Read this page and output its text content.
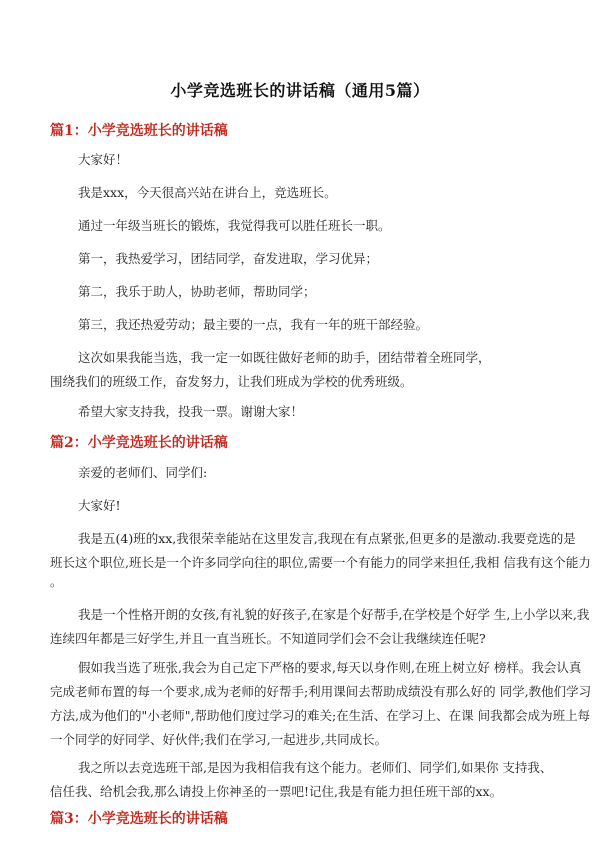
小学竞选班长的讲话稿（通用5篇）
篇1：小学竞选班长的讲话稿
大家好！
我是xxx，今天很高兴站在讲台上，竞选班长。
通过一年级当班长的锻炼，我觉得我可以胜任班长一职。
第一，我热爱学习，团结同学，奋发进取，学习优异；
第二，我乐于助人，协助老师，帮助同学；
第三，我还热爱劳动；最主要的一点，我有一年的班干部经验。
这次如果我能当选，我一定一如既往做好老师的助手，团结带着全班同学，
围绕我们的班级工作，奋发努力，让我们班成为学校的优秀班级。
希望大家支持我，投我一票。谢谢大家！
篇2：小学竞选班长的讲话稿
亲爱的老师们、同学们:
大家好!
我是五(4)班的xx,我很荣幸能站在这里发言,我现在有点紧张,但更多的是激动.我要竞选的是
班长这个职位,班长是一个许多同学向往的职位,需要一个有能力的同学来担任,我相 信我有这个能力
。
我是一个性格开朗的女孩,有礼貌的好孩子,在家是个好帮手,在学校是个好学 生,上小学以来,我
连续四年都是三好学生,并且一直当班长。不知道同学们会不会让我继续连任呢?
假如我当选了班张,我会为自己定下严格的要求,每天以身作则,在班上树立好 榜样。我会认真
完成老师布置的每一个要求,成为老师的好帮手;利用课间去帮助成绩没有那么好的 同学,教他们学习
方法,成为他们的"小老师",帮助他们度过学习的难关;在生活、在学习上、在课 间我都会成为班上每
一个同学的好同学、好伙伴;我们在学习,一起进步,共同成长。
我之所以去竞选班干部,是因为我相信我有这个能力。老师们、同学们,如果你 支持我、
信任我、给机会我,那么请投上你神圣的一票吧!记住,我是有能力担任班干部的xx。
篇3：小学竞选班长的讲话稿
